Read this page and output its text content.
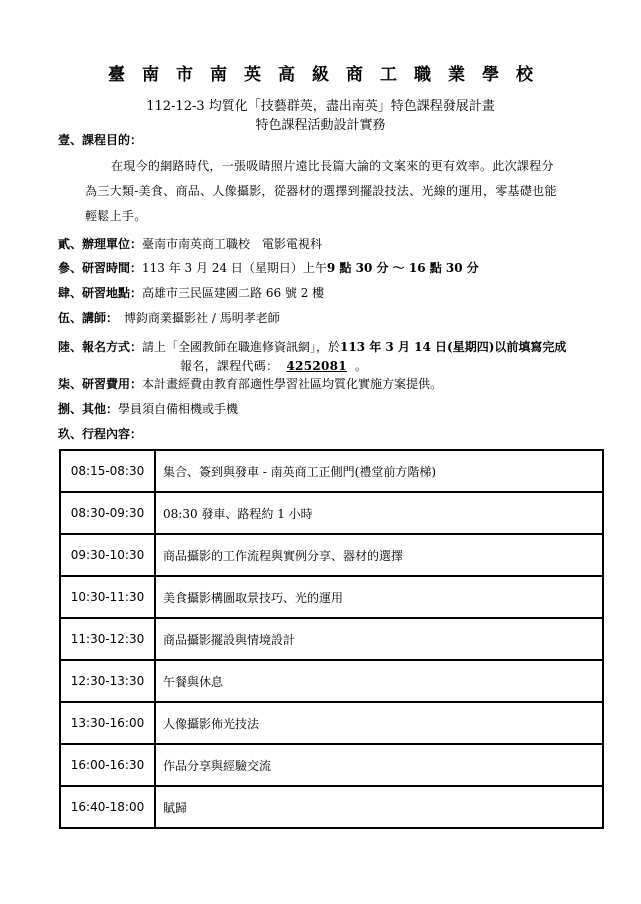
臺南市南英高級商工職業學校
112-12-3 均質化「技藝群英，盡出南英」特色課程發展計畫
特色課程活動設計實務
壹、課程目的：
在現今的網路時代，一張吸睛照片遠比長篇大論的文案來的更有效率。此次課程分
為三大類-美食、商品、人像攝影，從器材的選擇到擺設技法、光線的運用，零基礎也能
輕鬆上手。
貳、辦理單位：臺南市南英商工職校　電影電視科
參、研習時間：113 年 3 月 24 日（星期日）上午9 點 30 分 ～ 16 點 30 分
肆、研習地點：高雄市三民區建國二路 66 號 2 樓
伍、講師：　博鈞商業攝影社 / 馬明孝老師
陸、報名方式：請上「全國教師在職進修資訊網」，於113 年 3 月 14 日(星期四)以前填寫完成
報名，課程代碼： 4252081 。
柒、研習費用：本計畫經費由教育部適性學習社區均質化實施方案提供。
捌、其他：學員須自備相機或手機
玖、行程內容：
08:15-08:30	集合、簽到與發車 - 南英商工正側門(禮堂前方階梯)
08:30-09:30	08:30 發車、路程約 1 小時
09:30-10:30	商品攝影的工作流程與實例分享、器材的選擇
10:30-11:30	美食攝影構圖取景技巧、光的運用
11:30-12:30	商品攝影擺設與情境設計
12:30-13:30	午餐與休息
13:30-16:00	人像攝影佈光技法
16:00-16:30	作品分享與經驗交流
16:40-18:00	賦歸
